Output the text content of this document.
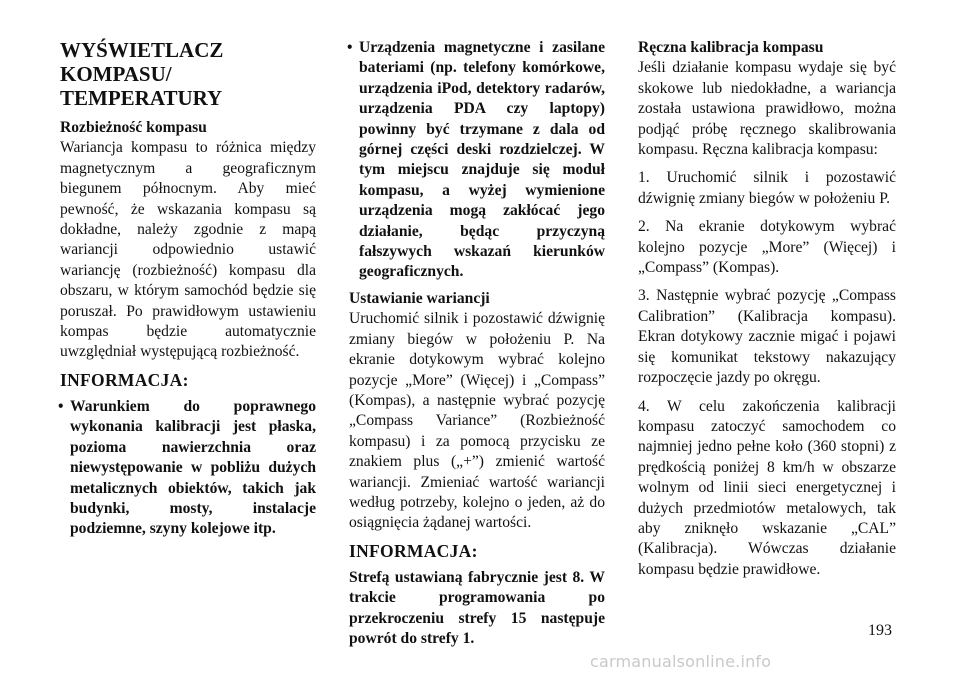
WYŚWIETLACZ
KOMPASU/
TEMPERATURY
Rozbieżność kompasu

Wariancja kompasu to różnica między magnetycznym a geograficznym biegunem północnym. Aby mieć pewność, że wskazania kompasu są dokładne, należy zgodnie z mapą wariancji odpowiednio ustawić wariancję (rozbieżność) kompasu dla obszaru, w którym samochód będzie się poruszał. Po prawidłowym ustawieniu kompas będzie automatycznie uwzględniał występującą rozbieżność.

INFORMACJA:
• Warunkiem do poprawnego wykonania kalibracji jest płaska, pozioma nawierzchnia oraz niewystępowanie w pobliżu dużych metalicznych obiektów, takich jak budynki, mosty, instalacje podziemne, szyny kolejowe itp.
• Urządzenia magnetyczne i zasilane bateriami (np. telefony komórkowe, urządzenia iPod, detektory radarów, urządzenia PDA czy laptopy) powinny być trzymane z dala od górnej części deski rozdzielczej. W tym miejscu znajduje się moduł kompasu, a wyżej wymienione urządzenia mogą zakłócać jego działanie, będąc przyczyną fałszywych wskazań kierunków geograficznych.
Ustawianie wariancji

Uruchomić silnik i pozostawić dźwignię zmiany biegów w położeniu P. Na ekranie dotykowym wybrać kolejno pozycje „More” (Więcej) i „Compass” (Kompas), a następnie wybrać pozycję „Compass Variance” (Rozbieżność kompasu) i za pomocą przycisku ze znakiem plus („+”) zmienić wartość wariancji. Zmieniać wartość wariancji według potrzeby, kolejno o jeden, aż do osiągnięcia żądanej wartości.

INFORMACJA:

Strefą ustawianą fabrycznie jest 8. W trakcie programowania po przekroczeniu strefy 15 następuje powrót do strefy 1.

Ręczna kalibracja kompasu

Jeśli działanie kompasu wydaje się być skokowe lub niedokładne, a wariancja została ustawiona prawidłowo, można podjąć próbę ręcznego skalibrowania kompasu. Ręczna kalibracja kompasu:

1. Uruchomić silnik i pozostawić dźwignię zmiany biegów w położeniu P.

2. Na ekranie dotykowym wybrać kolejno pozycje „More” (Więcej) i „Compass” (Kompas).

3. Następnie wybrać pozycję „Compass Calibration” (Kalibracja kompasu). Ekran dotykowy zacznie migać i pojawi się komunikat tekstowy nakazujący rozpoczęcie jazdy po okręgu.

4. W celu zakończenia kalibracji kompasu zatoczyć samochodem co najmniej jedno pełne koło (360 stopni) z prędkością poniżej 8 km/h w obszarze wolnym od linii sieci energetycznej i dużych przedmiotów metalowych, tak aby zniknęło wskazanie „CAL” (Kalibracja). Wówczas działanie kompasu będzie prawidłowe.

193
carmanualsonline.info
